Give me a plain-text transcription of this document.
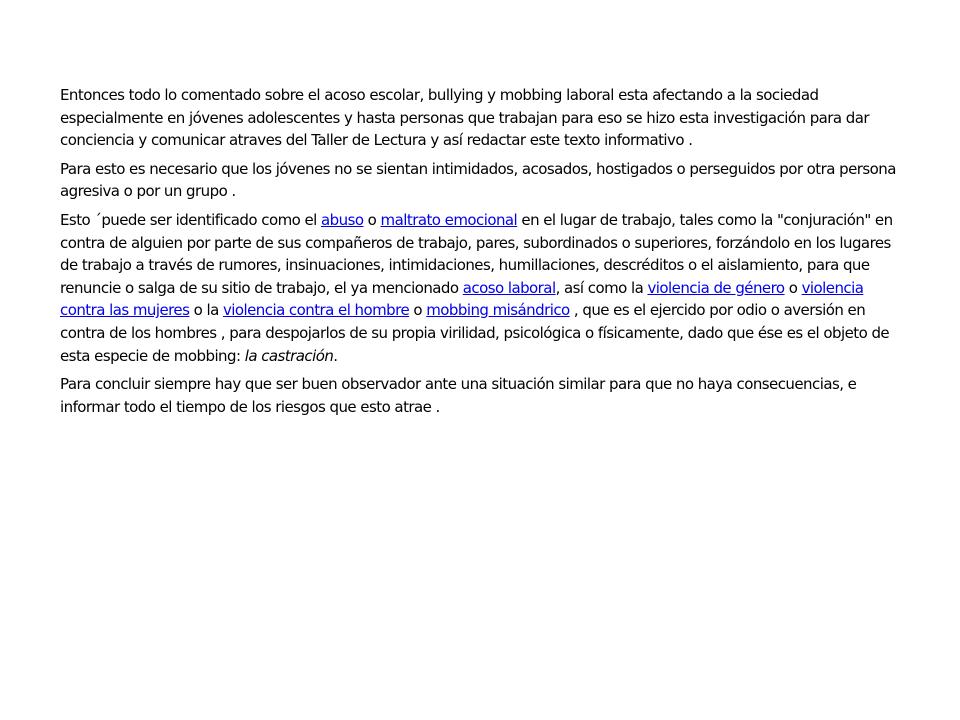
Entonces todo lo comentado sobre el acoso escolar, bullying y mobbing laboral esta afectando a la sociedad especialmente en jóvenes adolescentes y hasta personas que trabajan para eso se hizo esta investigación para dar conciencia y comunicar atraves del Taller de Lectura y así redactar este texto informativo .

Para esto es necesario que los jóvenes no se sientan intimidados, acosados, hostigados o perseguidos por otra persona agresiva o por un grupo .

Esto ´puede ser identificado como el abuso o maltrato emocional en el lugar de trabajo, tales como la "conjuración" en contra de alguien por parte de sus compañeros de trabajo, pares, subordinados o superiores, forzándolo en los lugares de trabajo a través de rumores, insinuaciones, intimidaciones, humillaciones, descréditos o el aislamiento, para que renuncie o salga de su sitio de trabajo, el ya mencionado acoso laboral, así como la violencia de género o violencia contra las mujeres o la violencia contra el hombre o mobbing misándrico , que es el ejercido por odio o aversión en contra de los hombres , para despojarlos de su propia virilidad, psicológica o físicamente, dado que ése es el objeto de esta especie de mobbing: la castración.

Para concluir siempre hay que ser buen observador ante una situación similar para que no haya consecuencias, e informar todo el tiempo de los riesgos que esto atrae .
